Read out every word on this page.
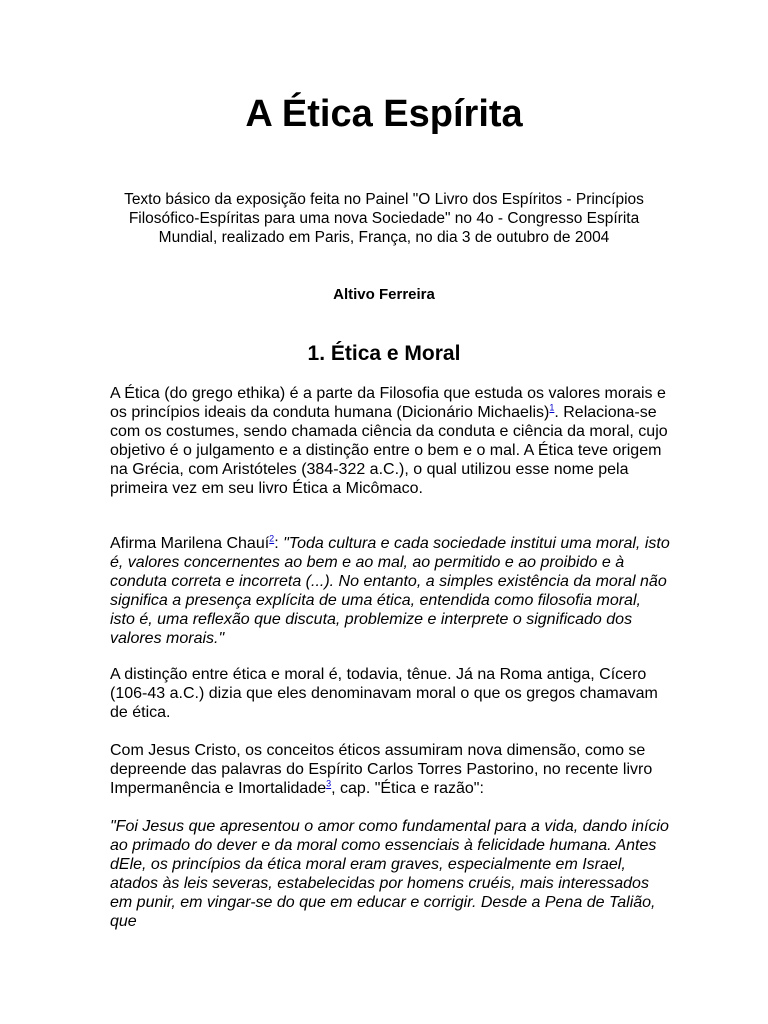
A Ética Espírita

Texto básico da exposição feita no Painel "O Livro dos Espíritos - Princípios Filosófico-Espíritas para uma nova Sociedade" no 4o - Congresso Espírita Mundial, realizado em Paris, França, no dia 3 de outubro de 2004

Altivo Ferreira

1. Ética e Moral

A Ética (do grego ethika) é a parte da Filosofia que estuda os valores morais e os princípios ideais da conduta humana (Dicionário Michaelis)$^1$. Relaciona-se com os costumes, sendo chamada ciência da conduta e ciência da moral, cujo objetivo é o julgamento e a distinção entre o bem e o mal. A Ética teve origem na Grécia, com Aristóteles (384-322 a.C.), o qual utilizou esse nome pela primeira vez em seu livro Ética a Micômaco.

Afirma Marilena Chauí$^2$: "Toda cultura e cada sociedade institui uma moral, isto é, valores concernentes ao bem e ao mal, ao permitido e ao proibido e à conduta correta e incorreta (...). No entanto, a simples existência da moral não significa a presença explícita de uma ética, entendida como filosofia moral, isto é, uma reflexão que discuta, problemize e interprete o significado dos valores morais."

A distinção entre ética e moral é, todavia, tênue. Já na Roma antiga, Cícero (106-43 a.C.) dizia que eles denominavam moral o que os gregos chamavam de ética.

Com Jesus Cristo, os conceitos éticos assumiram nova dimensão, como se depreende das palavras do Espírito Carlos Torres Pastorino, no recente livro Impermanência e Imortalidade$^3$, cap. "Ética e razão":

"Foi Jesus que apresentou o amor como fundamental para a vida, dando início ao primado do dever e da moral como essenciais à felicidade humana. Antes dEle, os princípios da ética moral eram graves, especialmente em Israel, atados às leis severas, estabelecidas por homens cruéis, mais interessados em punir, em vingar-se do que em educar e corrigir. Desde a Pena de Talião, que
